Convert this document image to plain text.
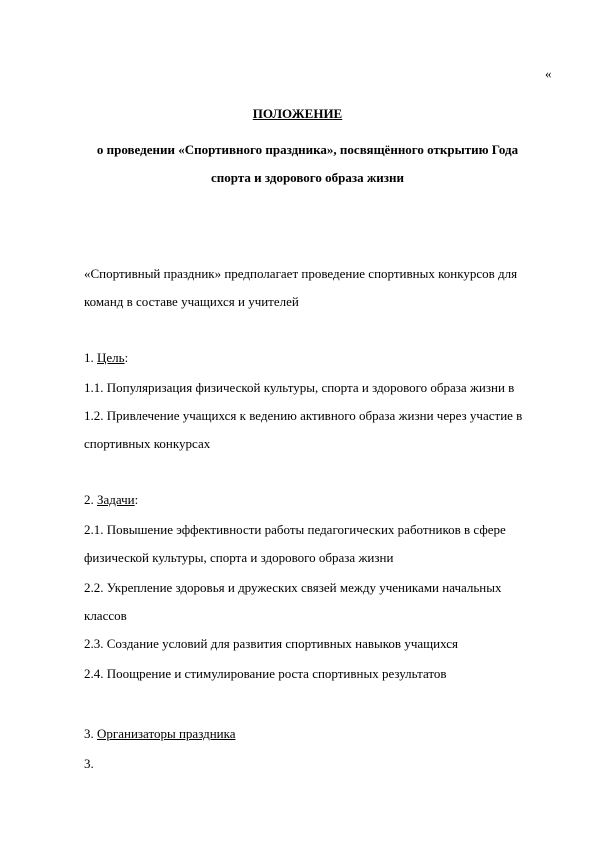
«
ПОЛОЖЕНИЕ
о проведении «Спортивного праздника», посвящённого открытию Года
спорта и здорового образа жизни
«Спортивный праздник» предполагает проведение спортивных конкурсов для
команд в составе учащихся и учителей
1. Цель:
1.1. Популяризация физической культуры, спорта и здорового образа жизни в
1.2. Привлечение учащихся к ведению активного образа жизни через участие в
спортивных конкурсах
2. Задачи:
2.1. Повышение эффективности работы педагогических работников в сфере
физической культуры, спорта и здорового образа жизни
2.2. Укрепление здоровья и дружеских связей между учениками начальных
классов
2.3. Создание условий для развития спортивных навыков учащихся
2.4. Поощрение и стимулирование роста спортивных результатов
3. Организаторы праздника
3.
